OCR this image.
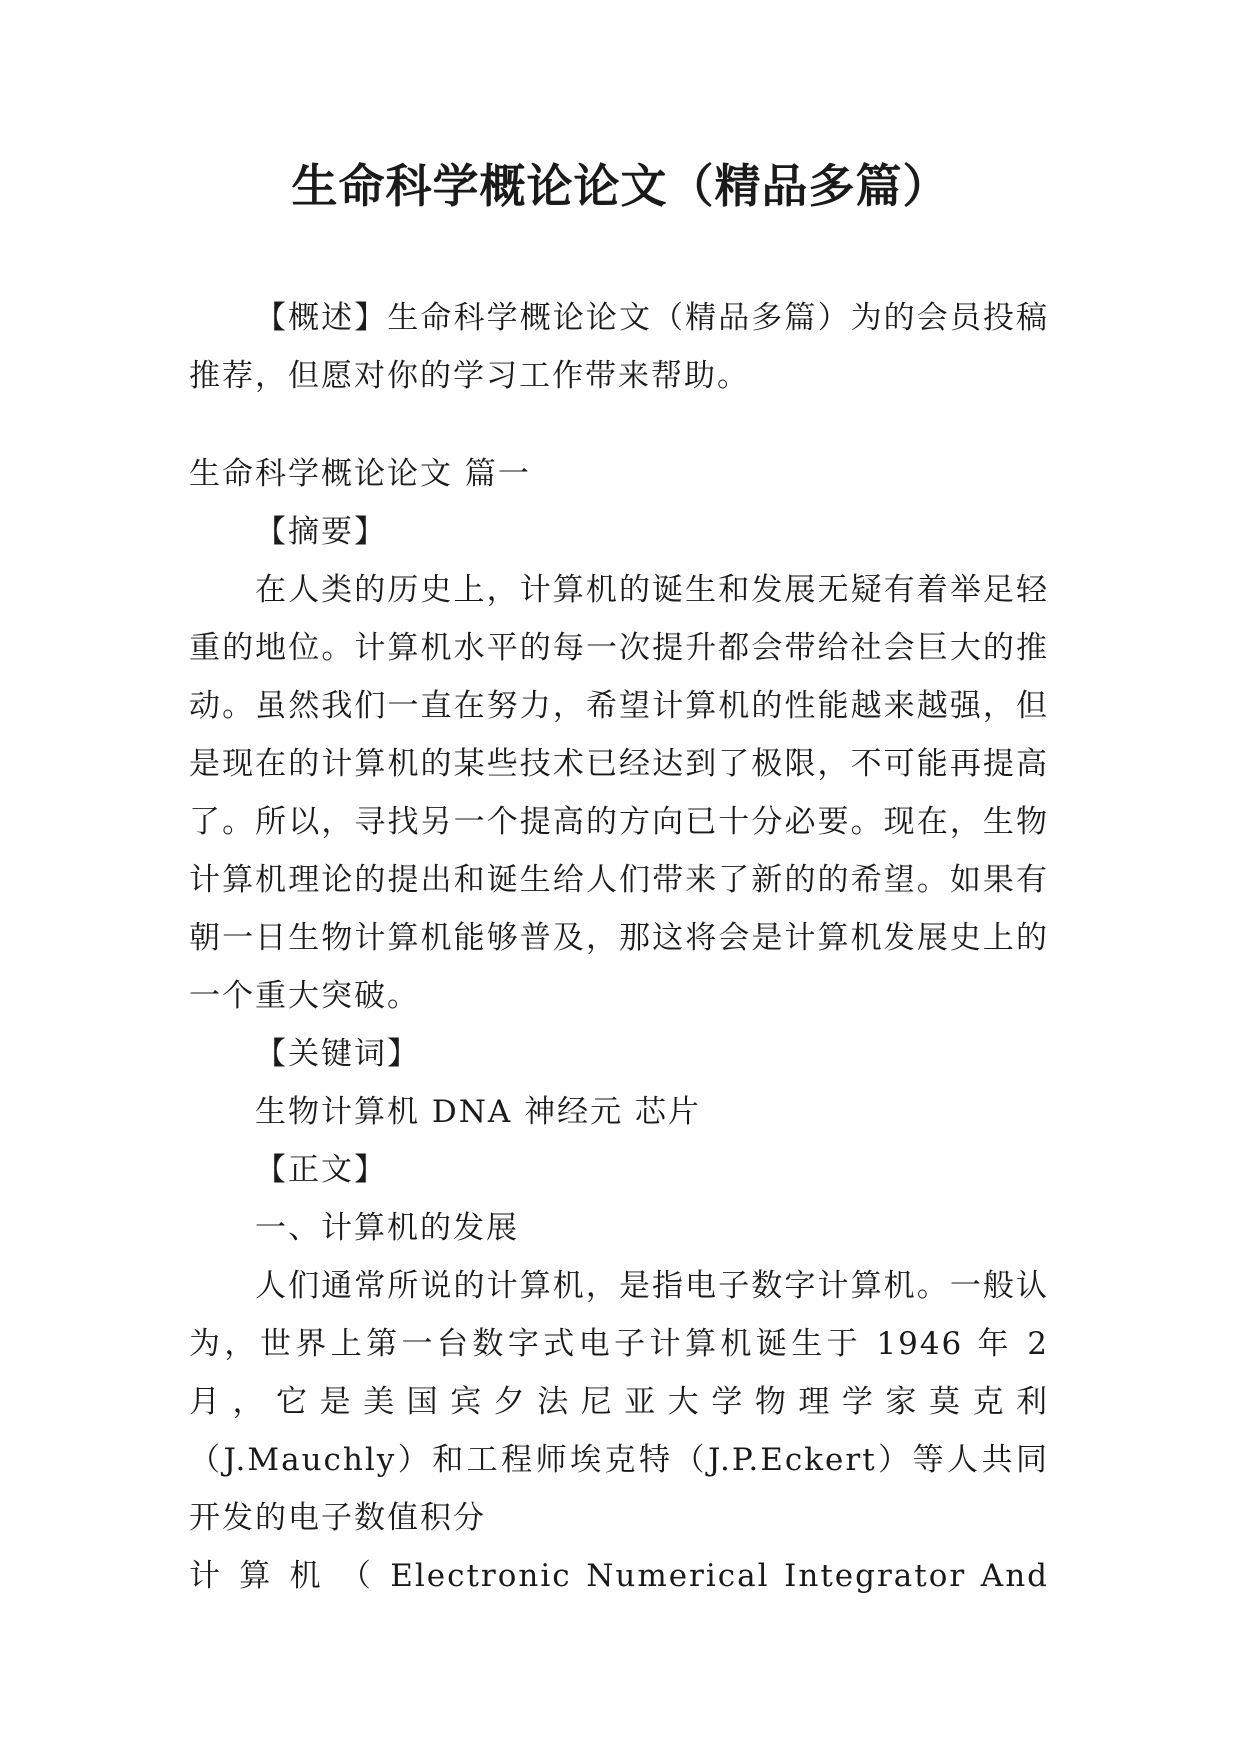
生命科学概论论文（精品多篇）

【概述】生命科学概论论文（精品多篇）为的会员投稿推荐，但愿对你的学习工作带来帮助。

生命科学概论论文 篇一

【摘要】

在人类的历史上，计算机的诞生和发展无疑有着举足轻重的地位。计算机水平的每一次提升都会带给社会巨大的推动。虽然我们一直在努力，希望计算机的性能越来越强，但是现在的计算机的某些技术已经达到了极限，不可能再提高了。所以，寻找另一个提高的方向已十分必要。现在，生物计算机理论的提出和诞生给人们带来了新的的希望。如果有朝一日生物计算机能够普及，那这将会是计算机发展史上的一个重大突破。

【关键词】

生物计算机 DNA 神经元 芯片

【正文】

一、计算机的发展

人们通常所说的计算机，是指电子数字计算机。一般认为，世界上第一台数字式电子计算机诞生于 1946 年 2 月，它是美国宾夕法尼亚大学物理学家莫克利（J.Mauchly）和工程师埃克特（J.P.Eckert）等人共同开发的电子数值积分

计 算 机 （ Electronic Numerical Integrator And
